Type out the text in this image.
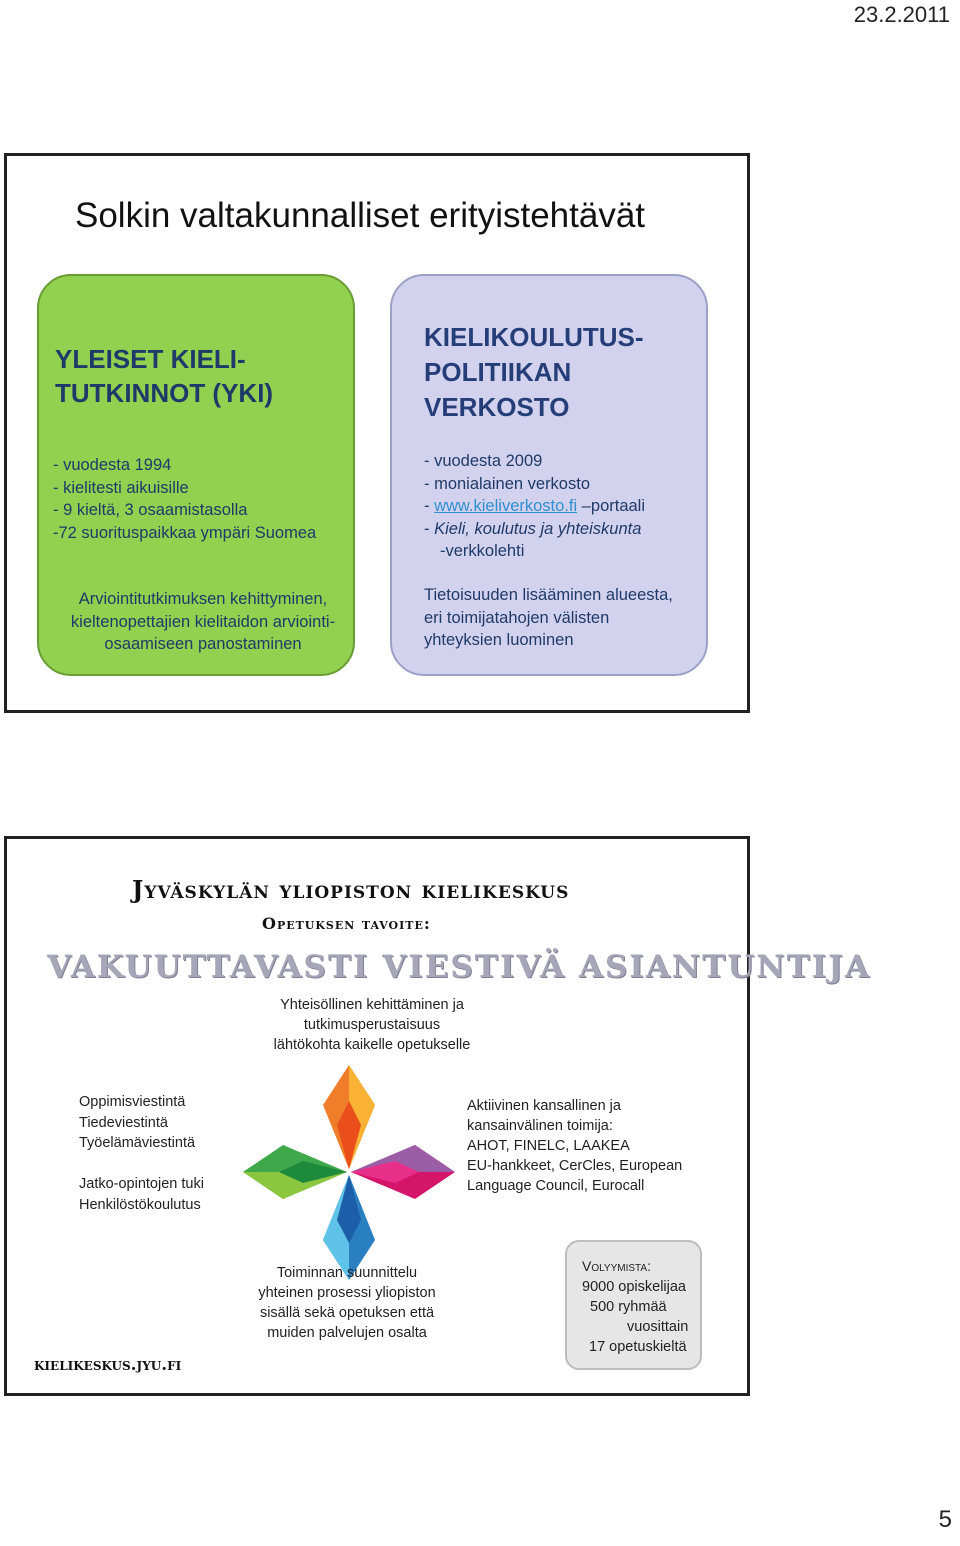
23.2.2011
Solkin valtakunnalliset erityistehtävät
YLEISET KIELI-
TUTKINNOT (YKI)
- vuodesta 1994
- kielitesti aikuisille
- 9 kieltä, 3 osaamistasolla
-72 suorituspaikkaa ympäri Suomea
Arviointitutkimuksen kehittyminen,
kieltenopettajien kielitaidon arviointi-
osaamiseen panostaminen
KIELIKOULUTUS-
POLITIIKAN
VERKOSTO
- vuodesta 2009
- monialainen verkosto
- www.kieliverkosto.fi –portaali
- Kieli, koulutus ja yhteiskunta
-verkkolehti
Tietoisuuden lisääminen alueesta,
eri toimijatahojen välisten
yhteyksien luominen
Jyväskylän yliopiston kielikeskus
Opetuksen tavoite:
VAKUUTTAVASTI VIESTIVÄ ASIANTUNTIJA
Yhteisöllinen kehittäminen ja
tutkimusperustaisuus
lähtökohta kaikelle opetukselle
Oppimisviestintä
Tiedeviestintä
Työelämäviestintä
Jatko-opintojen tuki
Henkilöstökoulutus
Aktiivinen kansallinen ja
kansainvälinen toimija:
AHOT, FINELC, LAAKEA
EU-hankkeet, CerCles, European
Language Council, Eurocall
Toiminnan suunnittelu
yhteinen prosessi yliopiston
sisällä sekä opetuksen että
muiden palvelujen osalta
kielikeskus.jyu.fi
Volyymista:
9000 opiskelijaa
500 ryhmää
vuosittain
17 opetuskieltä
5
